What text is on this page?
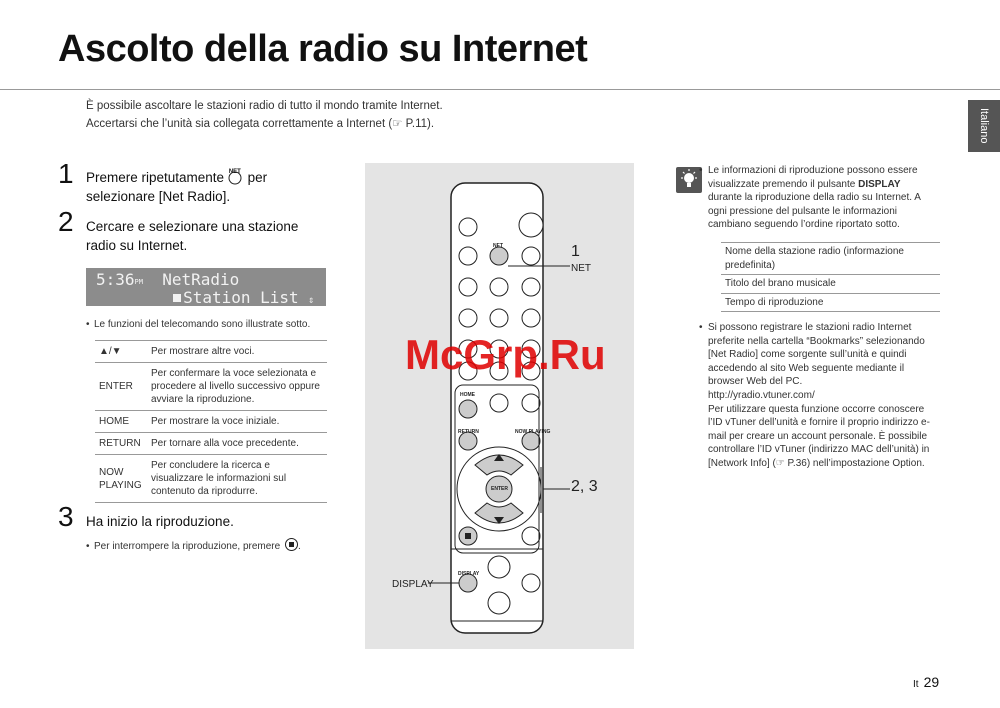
Ascolto della radio su Internet
È possibile ascoltare le stazioni radio di tutto il mondo tramite Internet.
Accertarsi che l’unità sia collegata correttamente a Internet (☞ P.11).	Italiano
1 Premere ripetutamente NET per
selezionare [Net Radio].
2 Cercare e selezionare una stazione
radio su Internet.
5:36PM NetRadio
Station List ⇕
• Le funzioni del telecomando sono illustrate sotto.
▲/▼	Per mostrare altre voci.
ENTER	Per confermare la voce selezionata e procedere al livello successivo oppure avviare la riproduzione.
HOME	Per mostrare la voce iniziale.
RETURN	Per tornare alla voce precedente.
NOW PLAYING	Per concludere la ricerca e visualizzare le informazioni sul contenuto da riprodurre.
3 Ha inizio la riproduzione.
• Per interrompere la riproduzione, premere .
NET
HOME
RETURN	NOW PLAYING
ENTER
DISPLAY
1
NET
2, 3
DISPLAY
McGrp.Ru
• Le informazioni di riproduzione possono essere visualizzate premendo il pulsante DISPLAY durante la riproduzione della radio su Internet. A ogni pressione del pulsante le informazioni cambiano seguendo l’ordine riportato sotto.
Nome della stazione radio (informazione predefinita)
Titolo del brano musicale
Tempo di riproduzione
• Si possono registrare le stazioni radio Internet preferite nella cartella “Bookmarks” selezionando [Net Radio] come sorgente sull’unità e quindi accedendo al sito Web seguente mediante il browser Web del PC.
http://yradio.vtuner.com/
Per utilizzare questa funzione occorre conoscere l’ID vTuner dell’unità e fornire il proprio indirizzo e-mail per creare un account personale. È possibile controllare l’ID vTuner (indirizzo MAC dell’unità) in [Network Info] (☞ P.36) nell’impostazione Option.
It 29
